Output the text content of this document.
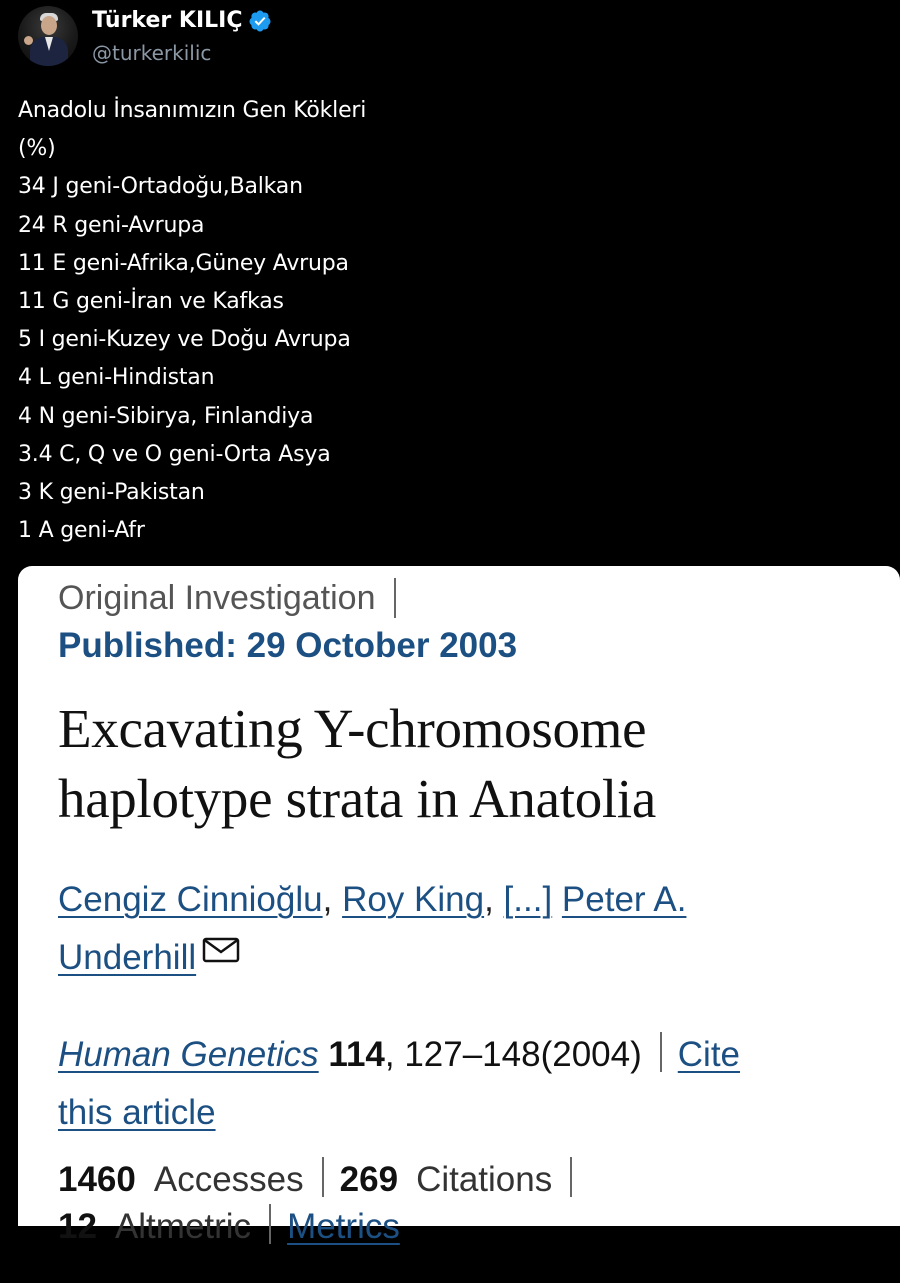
Türker KILIÇ
@turkerkilic
Anadolu İnsanımızın Gen Kökleri
(%)
34 J geni-Ortadoğu,Balkan
24 R geni-Avrupa
11 E geni-Afrika,Güney Avrupa
11 G geni-İran ve Kafkas
5 I geni-Kuzey ve Doğu Avrupa
4 L geni-Hindistan
4 N geni-Sibirya, Finlandiya
3.4 C, Q ve O geni-Orta Asya
3 K geni-Pakistan
1 A geni-Afr
Original Investigation
Published: 29 October 2003
Excavating Y-chromosome
haplotype strata in Anatolia
Cengiz Cinnioğlu, Roy King, [...] Peter A.
Underhill
Human Genetics 114, 127–148(2004) Cite
this article
1460 Accesses 269 Citations
12 Altmetric Metrics
